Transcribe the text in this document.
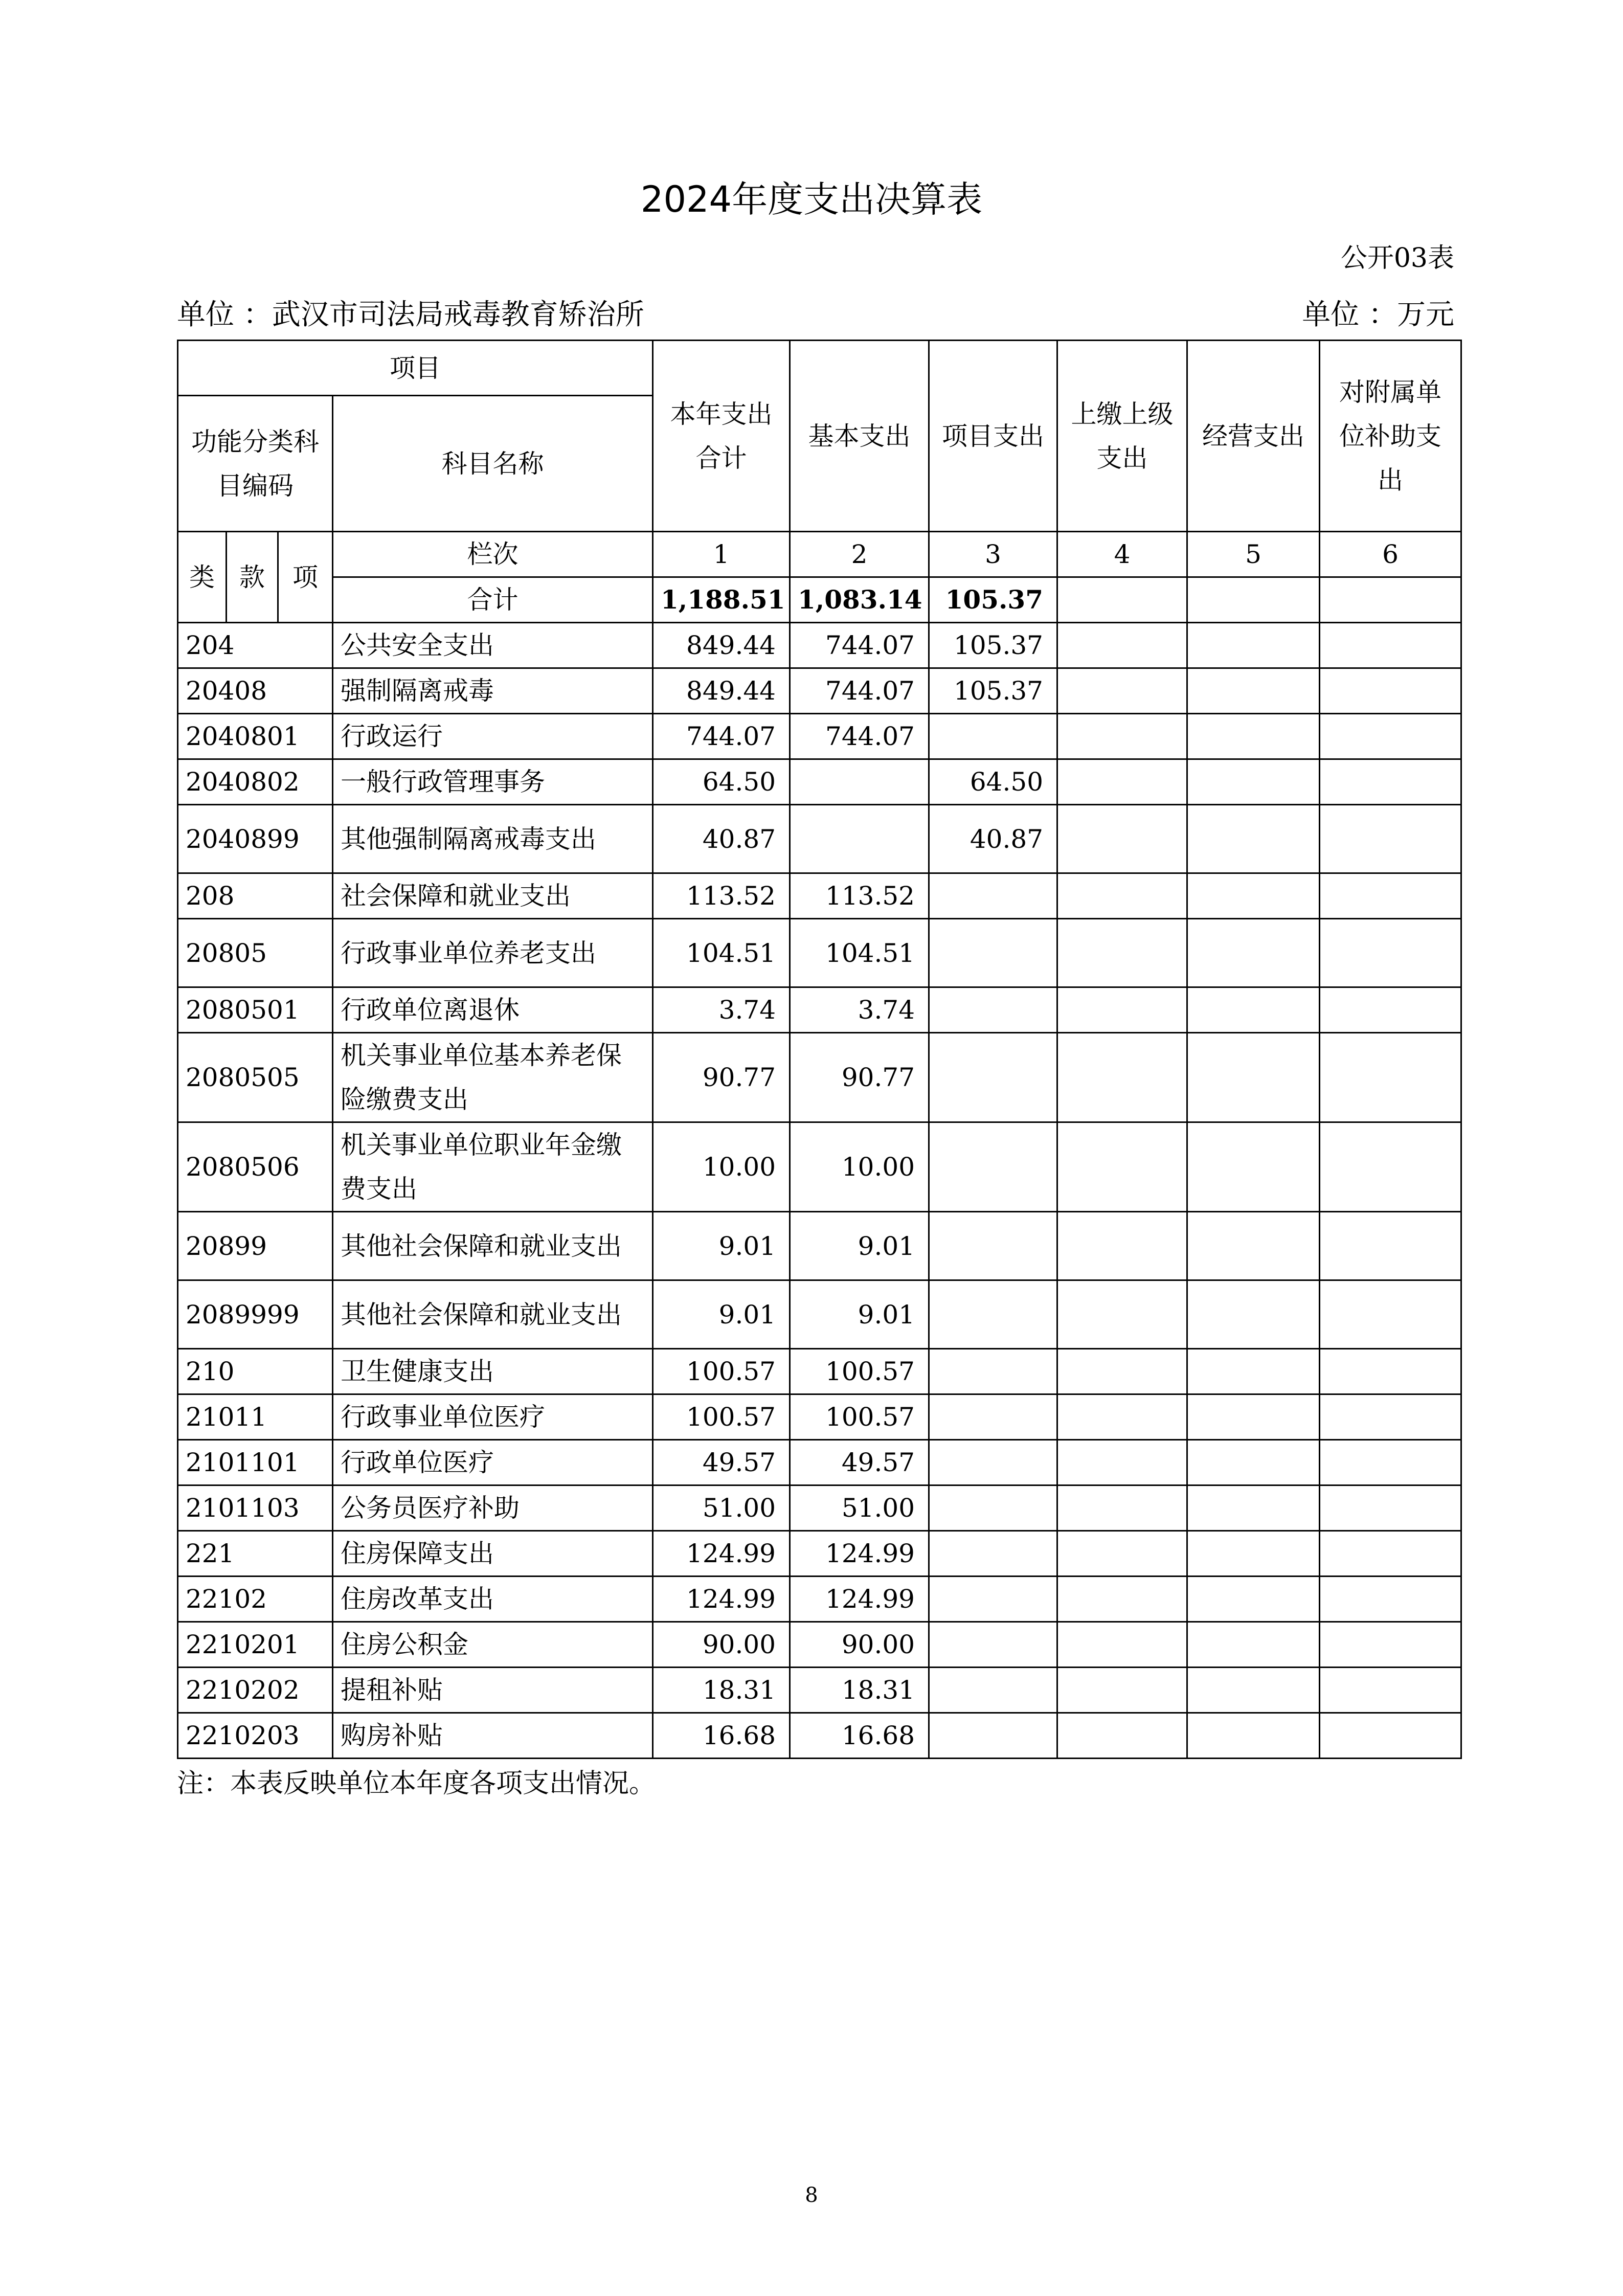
2024年度支出决算表
公开03表
单位 ：武汉市司法局戒毒教育矫治所	单位 ：万元
项目				本年支出合计	基本支出	项目支出	上缴上级支出	经营支出	对附属单位补助支出
功能分类科目编码			科目名称						
类	款	项	栏次	1	2	3	4	5	6
			合计	1,188.51	1,083.14	105.37			
204			公共安全支出	849.44	744.07	105.37			
20408			强制隔离戒毒	849.44	744.07	105.37			
2040801			行政运行	744.07	744.07				
2040802			一般行政管理事务	64.50		64.50			
2040899			其他强制隔离戒毒支出	40.87		40.87			
208			社会保障和就业支出	113.52	113.52				
20805			行政事业单位养老支出	104.51	104.51				
2080501			行政单位离退休	3.74	3.74				
2080505			机关事业单位基本养老保险缴费支出	90.77	90.77				
2080506			机关事业单位职业年金缴费支出	10.00	10.00				
20899			其他社会保障和就业支出	9.01	9.01				
2089999			其他社会保障和就业支出	9.01	9.01				
210			卫生健康支出	100.57	100.57				
21011			行政事业单位医疗	100.57	100.57				
2101101			行政单位医疗	49.57	49.57				
2101103			公务员医疗补助	51.00	51.00				
221			住房保障支出	124.99	124.99				
22102			住房改革支出	124.99	124.99				
2210201			住房公积金	90.00	90.00				
2210202			提租补贴	18.31	18.31				
2210203			购房补贴	16.68	16.68				
注：本表反映单位本年度各项支出情况。
8
